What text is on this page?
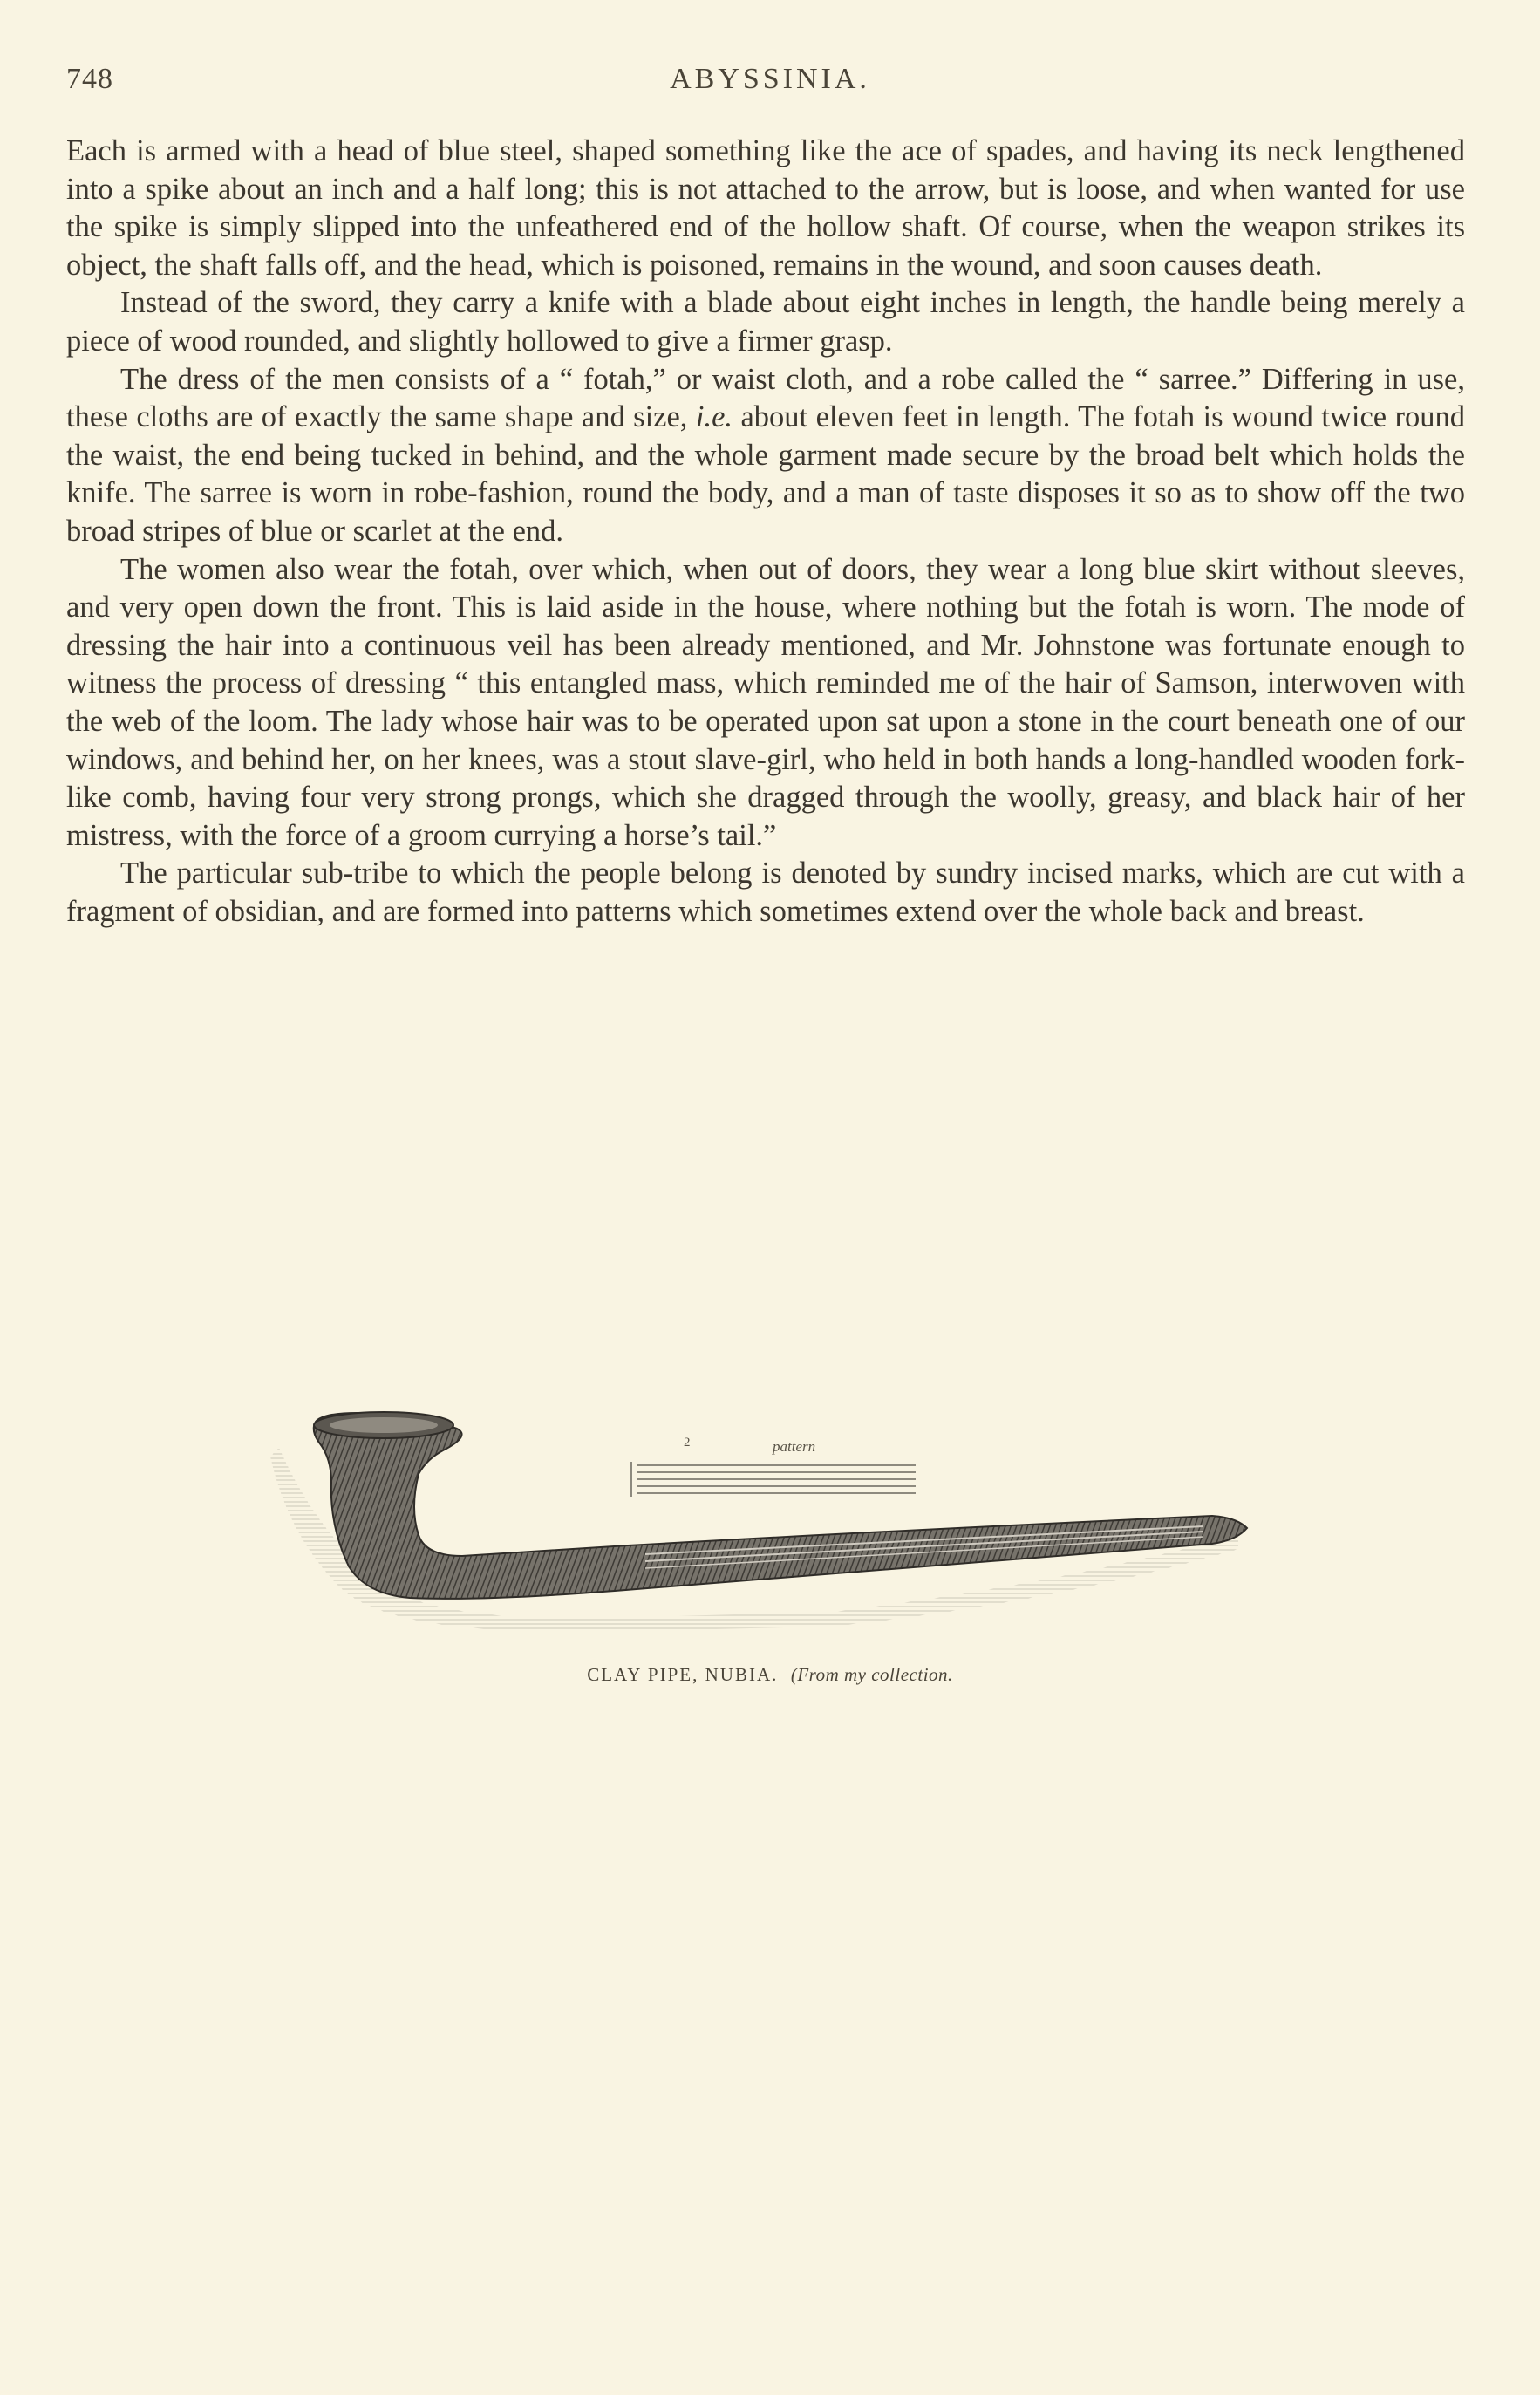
748	ABYSSINIA.

Each is armed with a head of blue steel, shaped something like the ace of spades, and having its neck lengthened into a spike about an inch and a half long; this is not attached to the arrow, but is loose, and when wanted for use the spike is simply slipped into the unfeathered end of the hollow shaft. Of course, when the weapon strikes its object, the shaft falls off, and the head, which is poisoned, remains in the wound, and soon causes death.

Instead of the sword, they carry a knife with a blade about eight inches in length, the handle being merely a piece of wood rounded, and slightly hollowed to give a firmer grasp.

The dress of the men consists of a “ fotah,” or waist cloth, and a robe called the “ sarree.” Differing in use, these cloths are of exactly the same shape and size, i.e. about eleven feet in length. The fotah is wound twice round the waist, the end being tucked in behind, and the whole garment made secure by the broad belt which holds the knife. The sarree is worn in robe-fashion, round the body, and a man of taste disposes it so as to show off the two broad stripes of blue or scarlet at the end.

The women also wear the fotah, over which, when out of doors, they wear a long blue skirt without sleeves, and very open down the front. This is laid aside in the house, where nothing but the fotah is worn. The mode of dressing the hair into a continuous veil has been already mentioned, and Mr. Johnstone was fortunate enough to witness the process of dressing “ this entangled mass, which reminded me of the hair of Samson, interwoven with the web of the loom. The lady whose hair was to be operated upon sat upon a stone in the court beneath one of our windows, and behind her, on her knees, was a stout slave-girl, who held in both hands a long-handled wooden fork-like comb, having four very strong prongs, which she dragged through the woolly, greasy, and black hair of her mistress, with the force of a groom currying a horse’s tail.”

The particular sub-tribe to which the people belong is denoted by sundry incised marks, which are cut with a fragment of obsidian, and are formed into patterns which sometimes extend over the whole back and breast.

2	pattern
CLAY PIPE, NUBIA. (From my collection.
